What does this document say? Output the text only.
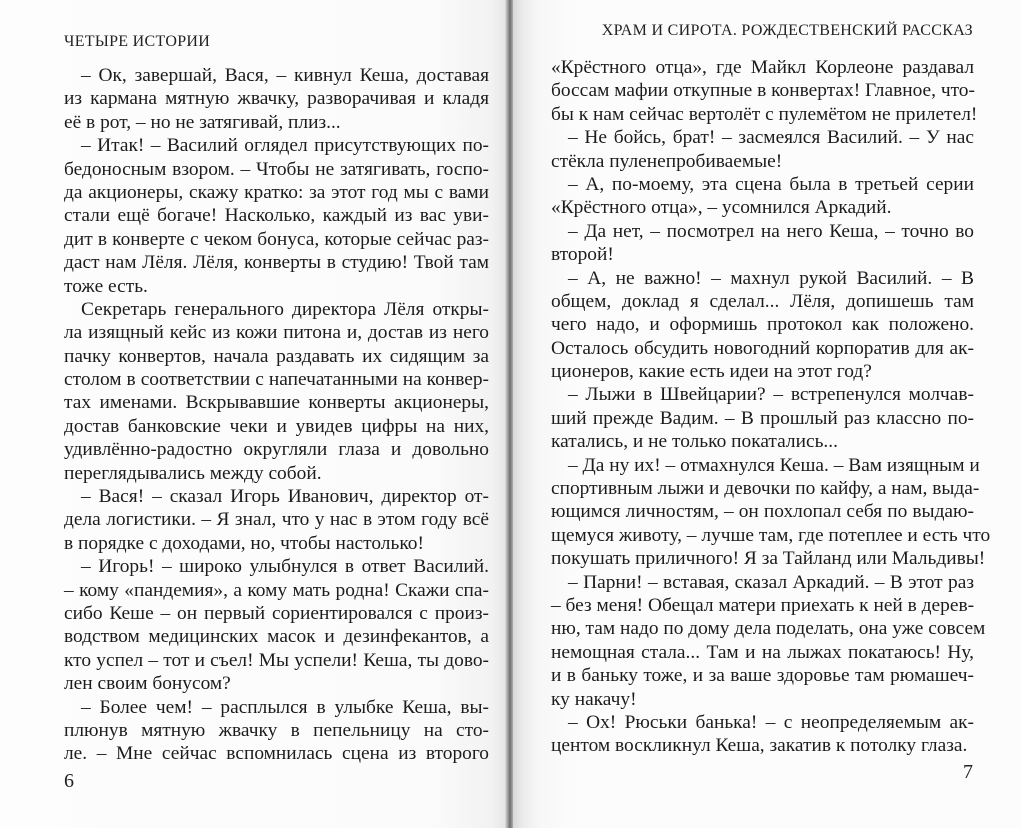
ЧЕТЫРЕ ИСТОРИИ
– Ок, завершай, Вася, – кивнул Кеша, доставая
из кармана мятную жвачку, разворачивая и кладя
её в рот, – но не затягивай, плиз...
– Итак! – Василий оглядел присутствующих по-
бедоносным взором. – Чтобы не затягивать, госпо-
да акционеры, скажу кратко: за этот год мы с вами
стали ещё богаче! Насколько, каждый из вас уви-
дит в конверте с чеком бонуса, которые сейчас раз-
даст нам Лёля. Лёля, конверты в студию! Твой там
тоже есть.
Секретарь генерального директора Лёля откры-
ла изящный кейс из кожи питона и, достав из него
пачку конвертов, начала раздавать их сидящим за
столом в соответствии с напечатанными на конвер-
тах именами. Вскрывавшие конверты акционеры,
достав банковские чеки и увидев цифры на них,
удивлённо-радостно округляли глаза и довольно
переглядывались между собой.
– Вася! – сказал Игорь Иванович, директор от-
дела логистики. – Я знал, что у нас в этом году всё
в порядке с доходами, но, чтобы настолько!
– Игорь! – широко улыбнулся в ответ Василий.
– кому «пандемия», а кому мать родна! Скажи спа-
сибо Кеше – он первый сориентировался с произ-
водством медицинских масок и дезинфекантов, а
кто успел – тот и съел! Мы успели! Кеша, ты дово-
лен своим бонусом?
– Более чем! – расплылся в улыбке Кеша, вы-
плюнув мятную жвачку в пепельницу на сто-
ле. – Мне сейчас вспомнилась сцена из второго
6
ХРАМ И СИРОТА. РОЖДЕСТВЕНСКИЙ РАССКАЗ
«Крёстного отца», где Майкл Корлеоне раздавал
боссам мафии откупные в конвертах! Главное, что-
бы к нам сейчас вертолёт с пулемётом не прилетел!
– Не бойсь, брат! – засмеялся Василий. – У нас
стёкла пуленепробиваемые!
– А, по-моему, эта сцена была в третьей серии
«Крёстного отца», – усомнился Аркадий.
– Да нет, – посмотрел на него Кеша, – точно во
второй!
– А, не важно! – махнул рукой Василий. – В
общем, доклад я сделал... Лёля, допишешь там
чего надо, и оформишь протокол как положено.
Осталось обсудить новогодний корпоратив для ак-
ционеров, какие есть идеи на этот год?
– Лыжи в Швейцарии? – встрепенулся молчав-
ший прежде Вадим. – В прошлый раз классно по-
катались, и не только покатались...
– Да ну их! – отмахнулся Кеша. – Вам изящным и
спортивным лыжи и девочки по кайфу, а нам, выда-
ющимся личностям, – он похлопал себя по выдаю-
щемуся животу, – лучше там, где потеплее и есть что
покушать приличного! Я за Тайланд или Мальдивы!
– Парни! – вставая, сказал Аркадий. – В этот раз
– без меня! Обещал матери приехать к ней в дерев-
ню, там надо по дому дела поделать, она уже совсем
немощная стала... Там и на лыжах покатаюсь! Ну,
и в баньку тоже, и за ваше здоровье там рюмашеч-
ку накачу!
– Ох! Рюськи банька! – с неопределяемым ак-
центом воскликнул Кеша, закатив к потолку глаза.
7
